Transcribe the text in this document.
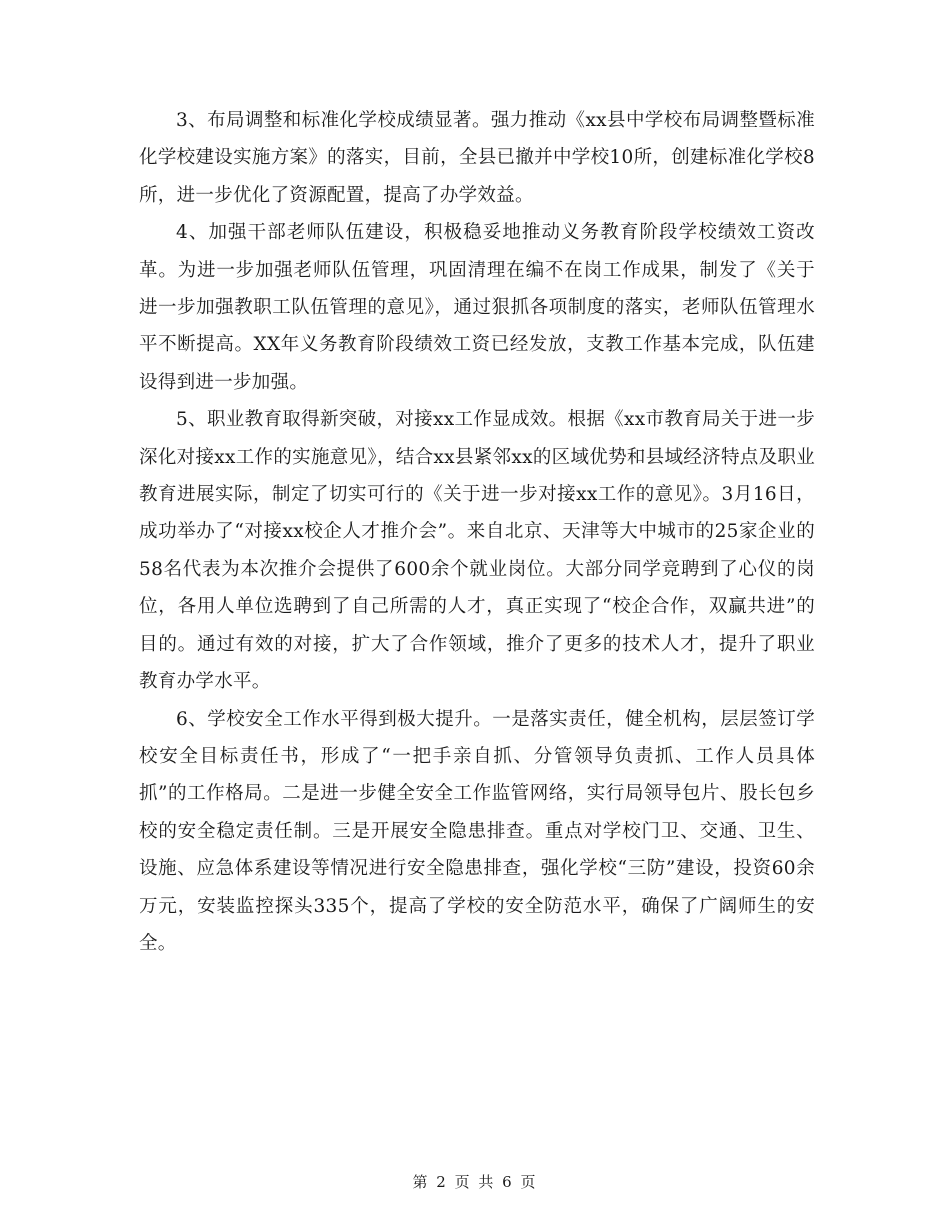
3、布局调整和标准化学校成绩显著。强力推动《xx县中学校布局调整暨标准化学校建设实施方案》的落实，目前，全县已撤并中学校10所，创建标准化学校8所，进一步优化了资源配置，提高了办学效益。

4、加强干部老师队伍建设，积极稳妥地推动义务教育阶段学校绩效工资改革。为进一步加强老师队伍管理，巩固清理在编不在岗工作成果，制发了《关于进一步加强教职工队伍管理的意见》，通过狠抓各项制度的落实，老师队伍管理水平不断提高。XX年义务教育阶段绩效工资已经发放，支教工作基本完成，队伍建设得到进一步加强。

5、职业教育取得新突破，对接xx工作显成效。根据《xx市教育局关于进一步深化对接xx工作的实施意见》，结合xx县紧邻xx的区域优势和县域经济特点及职业教育进展实际，制定了切实可行的《关于进一步对接xx工作的意见》。3月16日，成功举办了“对接xx校企人才推介会”。来自北京、天津等大中城市的25家企业的58名代表为本次推介会提供了600余个就业岗位。大部分同学竞聘到了心仪的岗位，各用人单位选聘到了自己所需的人才，真正实现了“校企合作，双赢共进”的目的。通过有效的对接，扩大了合作领域，推介了更多的技术人才，提升了职业教育办学水平。

6、学校安全工作水平得到极大提升。一是落实责任，健全机构，层层签订学校安全目标责任书，形成了“一把手亲自抓、分管领导负责抓、工作人员具体抓”的工作格局。二是进一步健全安全工作监管网络，实行局领导包片、股长包乡校的安全稳定责任制。三是开展安全隐患排查。重点对学校门卫、交通、卫生、设施、应急体系建设等情况进行安全隐患排查，强化学校“三防”建设，投资60余万元，安装监控探头335个，提高了学校的安全防范水平，确保了广阔师生的安全。

第 2 页 共 6 页
